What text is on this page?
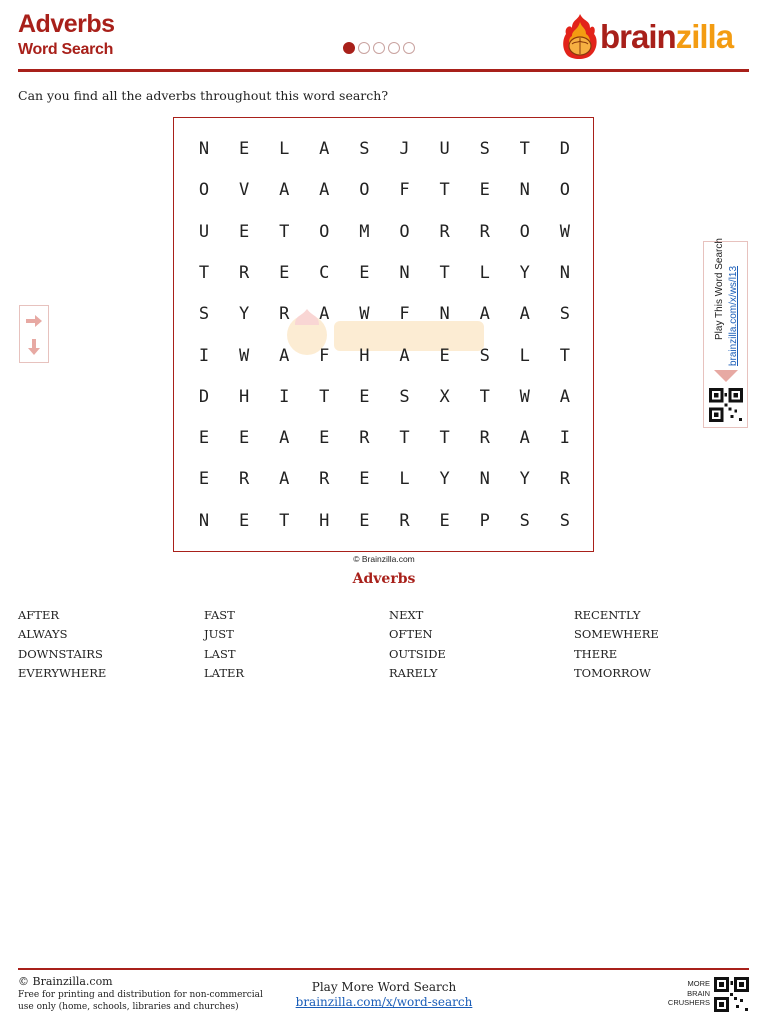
Adverbs
Word Search	brainzilla
Can you find all the adverbs throughout this word search?
N	E	L	A	S	J	U	S	T	D
O	V	A	A	O	F	T	E	N	O
U	E	T	O	M	O	R	R	O	W
T	R	E	C	E	N	T	L	Y	N
S	Y	R	A	W	F	N	A	A	S
I	W	A	F	H	A	E	S	L	T
D	H	I	T	E	S	X	T	W	A
E	E	A	E	R	T	T	R	A	I
E	R	A	R	E	L	Y	N	Y	R
N	E	T	H	E	R	E	P	S	S
© Brainzilla.com
Adverbs
AFTER
ALWAYS
DOWNSTAIRS
EVERYWHERE
FAST
JUST
LAST
LATER
NEXT
OFTEN
OUTSIDE
RARELY
RECENTLY
SOMEWHERE
THERE
TOMORROW
Play This Word Search brainzilla.com/x/ws/l13
© Brainzilla.com
Free for printing and distribution for non-commercial
use only (home, schools, libraries and churches)
Play More Word Search
brainzilla.com/x/word-search
MORE
BRAIN
CRUSHERS
